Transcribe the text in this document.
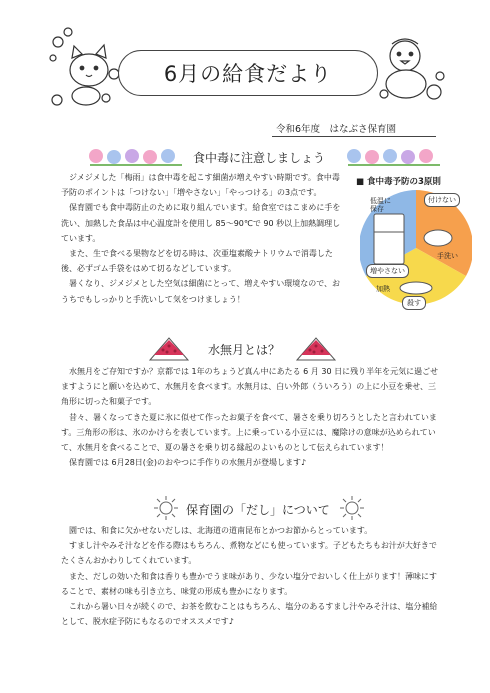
6月の給食だより
令和6年度　はなぶさ保育園
食中毒に注意しましょう

ジメジメした「梅雨」は食中毒を起こす細菌が増えやすい時期です。食中毒予防のポイントは「つけない」「増やさない」「やっつける」の3点です。

保育園でも食中毒防止のために取り組んでいます。給食室ではこまめに手を洗い、加熱した食品は中心温度計を使用し 85～90℃で 90 秒以上加熱調理しています。

また、生で食べる果物などを切る時は、次亜塩素酸ナトリウムで消毒した後、必ずゴム手袋をはめて切るなどしています。

暑くなり、ジメジメとした空気は細菌にとって、増えやすい環境なので、おうちでもしっかりと手洗いして気をつけましょう！

■ 食中毒予防の3原則
低温に保存
付けない
手洗い
増やさない
加熱
殺す
水無月とは？

水無月をご存知ですか？京都では 1年のちょうど真ん中にあたる 6 月 30 日に残り半年を元気に過ごせますようにと願いを込めて、水無月を食べます。水無月は、白い外郎（ういろう）の上に小豆を乗せ、三角形に切った和菓子です。

昔々、暑くなってきた夏に氷に似せて作ったお菓子を食べて、暑さを乗り切ろうとしたと言われています。三角形の形は、氷のかけらを表しています。上に乗っている小豆には、魔除けの意味が込められていて、水無月を食べることで、夏の暑さを乗り切る縁起のよいものとして伝えられています！

保育園では 6月28日(金)のおやつに手作りの水無月が登場します♪

保育園の「だし」について

園では、和食に欠かせないだしは、北海道の道南昆布とかつお節からとっています。

すまし汁やみそ汁などを作る際はもちろん、煮物などにも使っています。子どもたちもお汁が大好きでたくさんおかわりしてくれています。

また、だしの効いた和食は香りも豊かでうま味があり、少ない塩分でおいしく仕上がります！薄味にすることで、素材の味も引き立ち、味覚の形成も豊かになります。

これから暑い日々が続くので、お茶を飲むことはもちろん、塩分のあるすまし汁やみそ汁は、塩分補給として、脱水症予防にもなるのでオススメです♪
